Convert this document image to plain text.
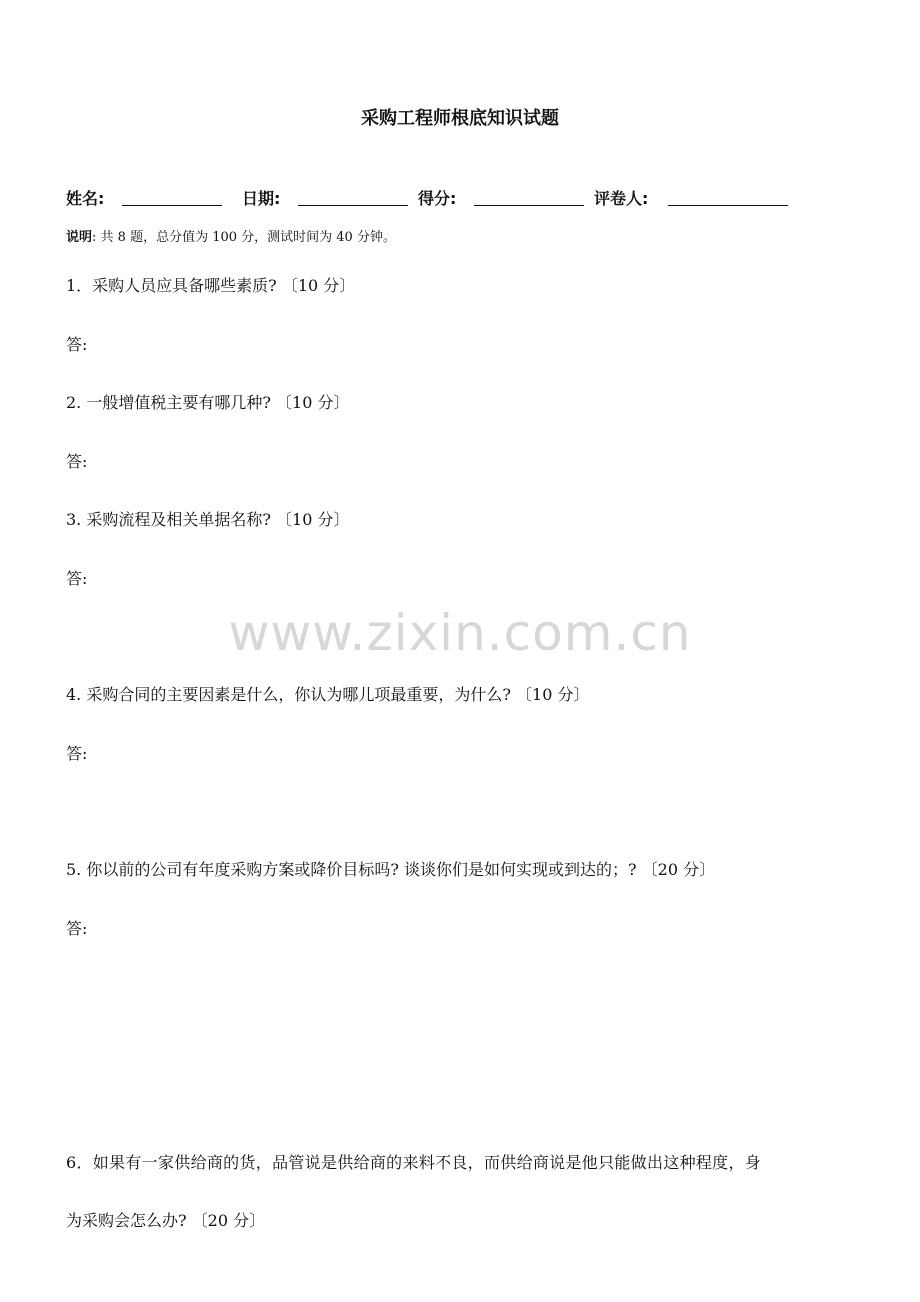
采购工程师根底知识试题
姓名:	日期:	得分:	评卷人:
说明: 共 8 题，总分值为 100 分，测试时间为 40 分钟。
1．采购人员应具备哪些素质? 〔10 分〕
答:
2. 一般增值税主要有哪几种? 〔10 分〕
答:
3. 采购流程及相关单据名称? 〔10 分〕
答:
www.zixin.com.cn
4. 采购合同的主要因素是什么，你认为哪儿项最重要，为什么? 〔10 分〕
答:
5. 你以前的公司有年度采购方案或降价目标吗? 谈谈你们是如何实现或到达的；? 〔20 分〕
答:
6．如果有一家供给商的货，品管说是供给商的来料不良，而供给商说是他只能做出这种程度，身
为采购会怎么办? 〔20 分〕
